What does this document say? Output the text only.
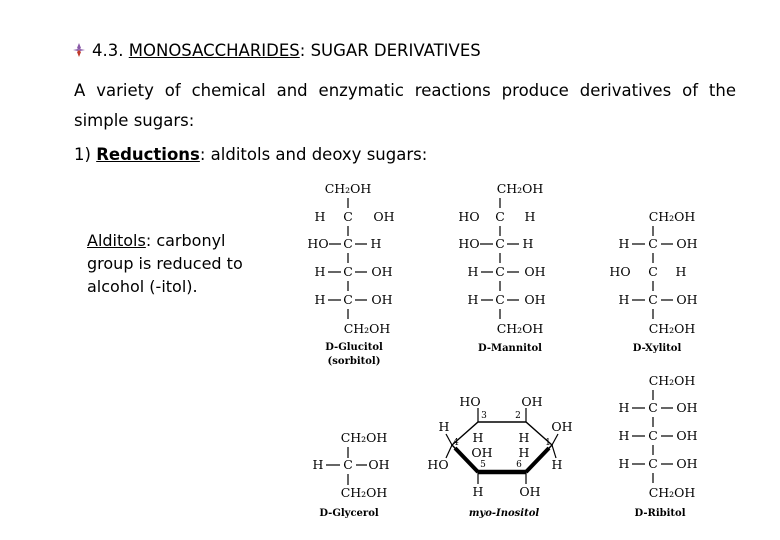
4.3. MONOSACCHARIDES: SUGAR DERIVATIVES
A variety of chemical and enzymatic reactions produce derivatives of the simple sugars:
1) Reductions: alditols and deoxy sugars:
Alditols: carbonyl group is reduced to alcohol (-itol).
CH₂OH
H C OH
HO C H
H C OH
H C OH
CH₂OH
D-Glucitol
(sorbitol)
CH₂OH
HO C H
HO C H
H C OH
H C OH
CH₂OH
D-Mannitol
CH₂OH
H C OH
HO C H
H C OH
CH₂OH
D-Xylitol
CH₂OH
H C OH
CH₂OH
D-Glycerol
HO	OH
3	2
H	OH
4	1
H	H
OH H
HO	H
5	6
H	OH
myo-Inositol
CH₂OH
H C OH
H C OH
H C OH
CH₂OH
D-Ribitol
